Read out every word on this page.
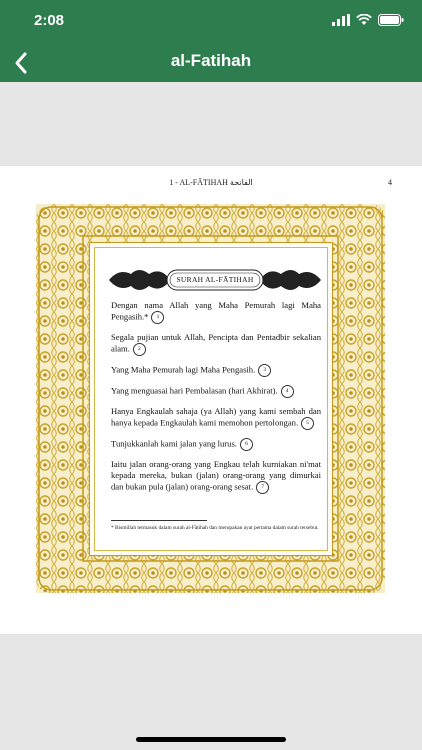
2:08
al-Fatihah
1 - AL-FĀTIHAH الفاتحة	4
SURAH AL-FĀTIHAH

Dengan nama Allah yang Maha Pemurah lagi Maha Pengasih.* 1

Segala pujian untuk Allah, Pencipta dan Pentadbir sekalian alam. 2

Yang Maha Pemurah lagi Maha Pengasih. 3

Yang menguasai hari Pembalasan (hari Akhirat). 4

Hanya Engkaulah sahaja (ya Allah) yang kami sembah dan hanya kepada Engkaulah kami memohon pertolongan. 5

Tunjukkanlah kami jalan yang lurus. 6

Iaitu jalan orang-orang yang Engkau telah kurniakan ni'mat kepada mereka, bukan (jalan) orang-orang yang dimurkai dan bukan pula (jalan) orang-orang sesat. 7

* Bismillah termasuk dalam surah al-Fātihah dan merupakan ayat pertama dalam surah tersebut.
